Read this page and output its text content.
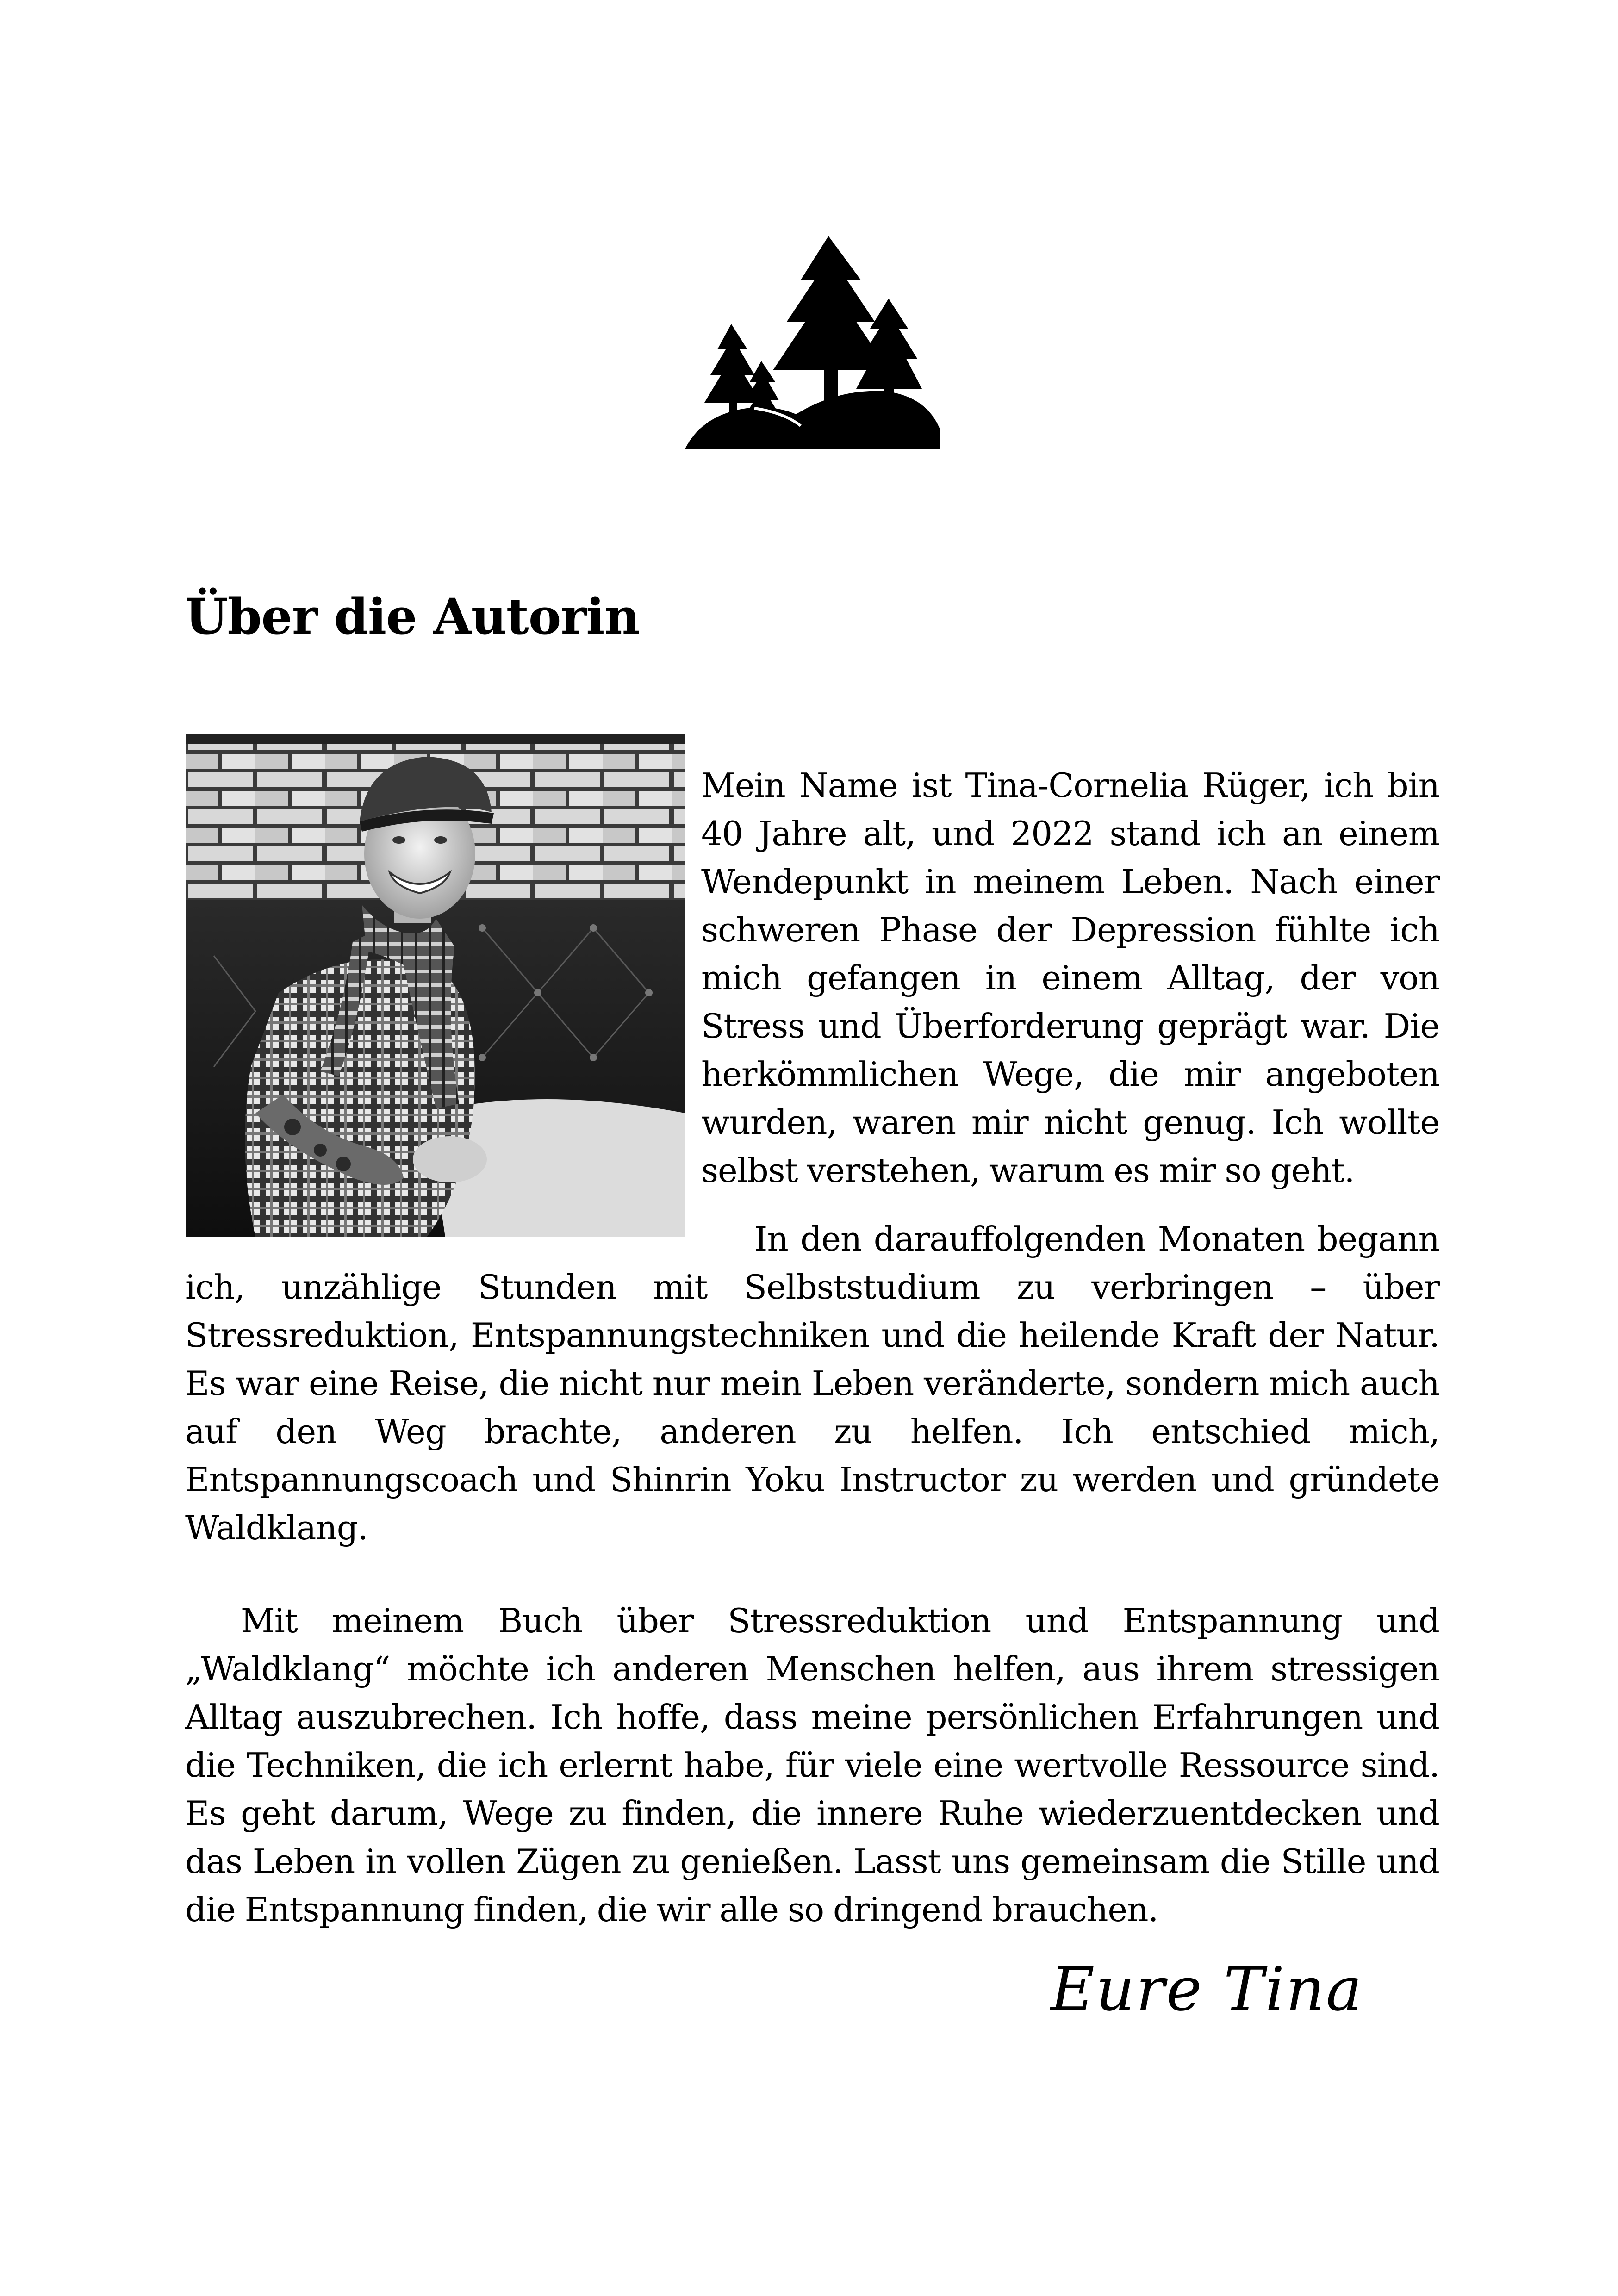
Über die Autorin

Mein Name ist Tina-Cornelia Rüger, ich bin 40 Jahre alt, und 2022 stand ich an einem Wendepunkt in meinem Leben. Nach einer schweren Phase der Depression fühlte ich mich gefangen in einem Alltag, der von Stress und Überforderung geprägt war. Die herkömmlichen Wege, die mir angeboten wurden, waren mir nicht genug. Ich wollte selbst verstehen, warum es mir so geht.

In den darauffolgenden Monaten begann ich, unzählige Stunden mit Selbststudium zu verbringen – über Stressreduktion, Entspannungstechniken und die heilende Kraft der Natur. Es war eine Reise, die nicht nur mein Leben veränderte, sondern mich auch auf den Weg brachte, anderen zu helfen. Ich entschied mich, Entspannungscoach und Shinrin Yoku Instructor zu werden und gründete Waldklang.

Mit meinem Buch über Stressreduktion und Entspannung und „Waldklang“ möchte ich anderen Menschen helfen, aus ihrem stressigen Alltag auszubrechen. Ich hoffe, dass meine persönlichen Erfahrungen und die Techniken, die ich erlernt habe, für viele eine wertvolle Ressource sind. Es geht darum, Wege zu finden, die innere Ruhe wiederzuentdecken und das Leben in vollen Zügen zu genießen. Lasst uns gemeinsam die Stille und die Entspannung finden, die wir alle so dringend brauchen.

Eure Tina
